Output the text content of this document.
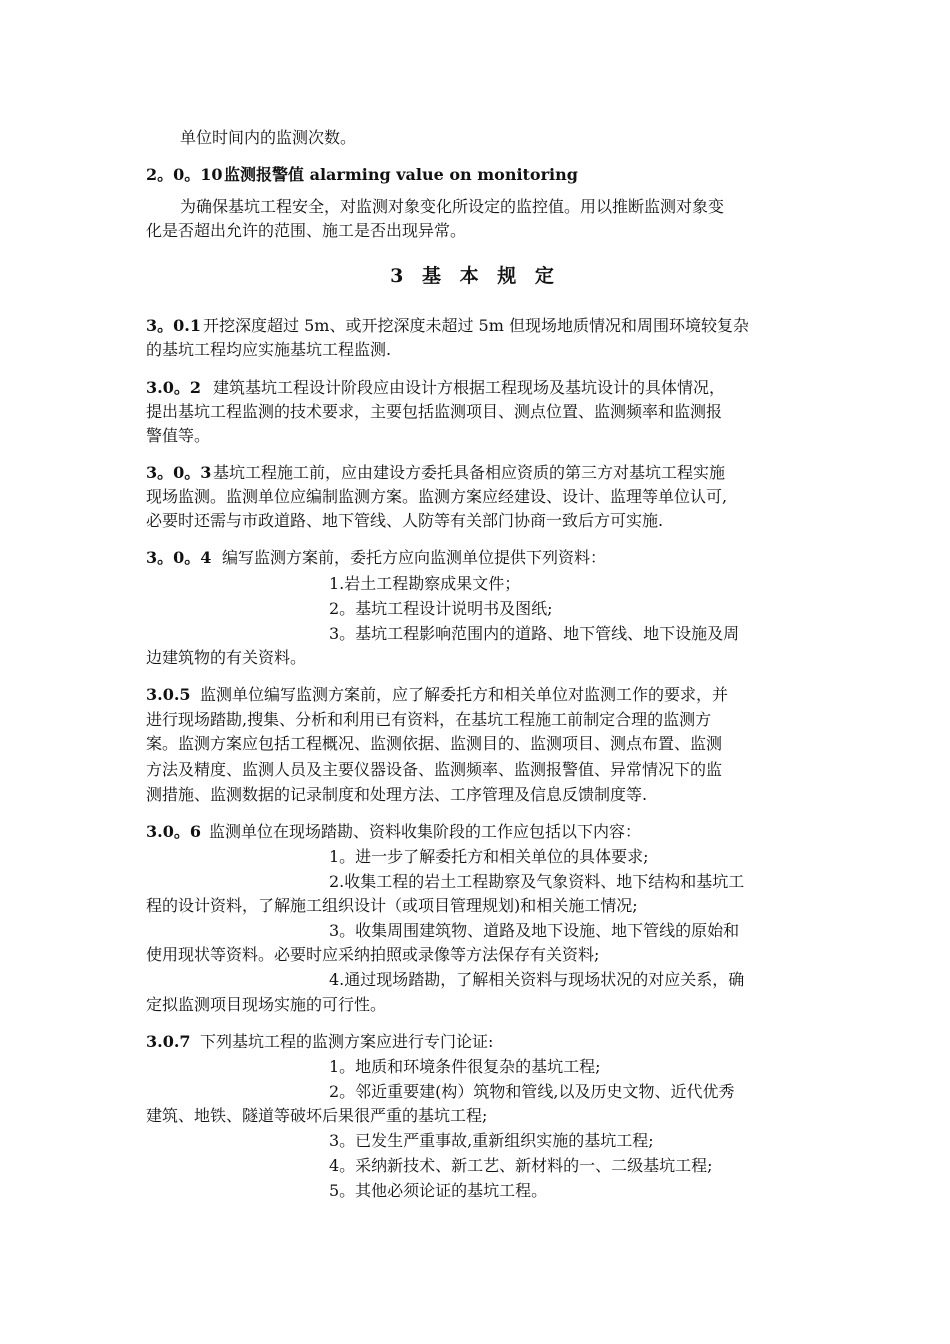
单位时间内的监测次数。
2。0。10 监测报警值 alarming value on monitoring
为确保基坑工程安全，对监测对象变化所设定的监控值。用以推断监测对象变
化是否超出允许的范围、施工是否出现异常。
3 基 本 规 定
3。0.1 开挖深度超过 5m、或开挖深度未超过 5m 但现场地质情况和周围环境较复杂
的基坑工程均应实施基坑工程监测.
3.0。2 建筑基坑工程设计阶段应由设计方根据工程现场及基坑设计的具体情况，
提出基坑工程监测的技术要求，主要包括监测项目、测点位置、监测频率和监测报
警值等。
3。0。3 基坑工程施工前，应由建设方委托具备相应资质的第三方对基坑工程实施
现场监测。监测单位应编制监测方案。监测方案应经建设、设计、监理等单位认可,
必要时还需与市政道路、地下管线、人防等有关部门协商一致后方可实施.
3。0。4 编写监测方案前，委托方应向监测单位提供下列资料：
1.岩土工程勘察成果文件；
2。基坑工程设计说明书及图纸;
3。基坑工程影响范围内的道路、地下管线、地下设施及周
边建筑物的有关资料。
3.0.5 监测单位编写监测方案前，应了解委托方和相关单位对监测工作的要求，并
进行现场踏勘,搜集、分析和利用已有资料，在基坑工程施工前制定合理的监测方
案。监测方案应包括工程概况、监测依据、监测目的、监测项目、测点布置、监测
方法及精度、监测人员及主要仪器设备、监测频率、监测报警值、异常情况下的监
测措施、监测数据的记录制度和处理方法、工序管理及信息反馈制度等.
3.0。6 监测单位在现场踏勘、资料收集阶段的工作应包括以下内容：
1。进一步了解委托方和相关单位的具体要求;
2.收集工程的岩土工程勘察及气象资料、地下结构和基坑工
程的设计资料，了解施工组织设计（或项目管理规划)和相关施工情况;
3。收集周围建筑物、道路及地下设施、地下管线的原始和
使用现状等资料。必要时应采纳拍照或录像等方法保存有关资料;
4.通过现场踏勘，了解相关资料与现场状况的对应关系，确
定拟监测项目现场实施的可行性。
3.0.7 下列基坑工程的监测方案应进行专门论证:
1。地质和环境条件很复杂的基坑工程;
2。邻近重要建(构）筑物和管线,以及历史文物、近代优秀
建筑、地铁、隧道等破坏后果很严重的基坑工程;
3。已发生严重事故,重新组织实施的基坑工程;
4。采纳新技术、新工艺、新材料的一、二级基坑工程;
5。其他必须论证的基坑工程。
